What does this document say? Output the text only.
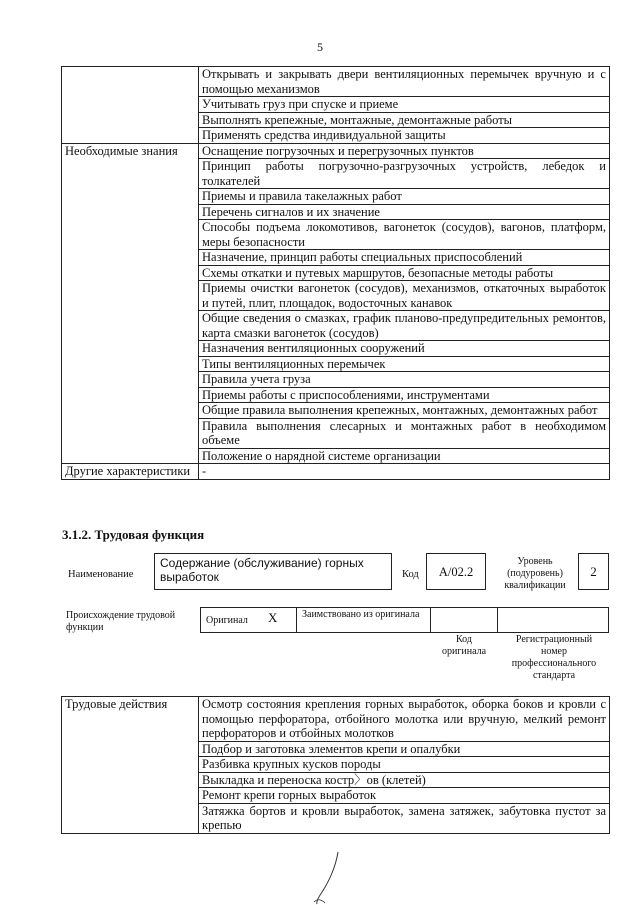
5
	Открывать и закрывать двери вентиляционных перемычек вручную и с помощью механизмов
	Учитывать груз при спуске и приеме
	Выполнять крепежные, монтажные, демонтажные работы
	Применять средства индивидуальной защиты
Необходимые знания	Оснащение погрузочных и перегрузочных пунктов
	Принцип работы погрузочно-разгрузочных устройств, лебедок и толкателей
	Приемы и правила такелажных работ
	Перечень сигналов и их значение
	Способы подъема локомотивов, вагонеток (сосудов), вагонов, платформ, меры безопасности
	Назначение, принцип работы специальных приспособлений
	Схемы откатки и путевых маршрутов, безопасные методы работы
	Приемы очистки вагонеток (сосудов), механизмов, откаточных выработок и путей, плит, площадок, водосточных канавок
	Общие сведения о смазках, график планово-предупредительных ремонтов, карта смазки вагонеток (сосудов)
	Назначения вентиляционных сооружений
	Типы вентиляционных перемычек
	Правила учета груза
	Приемы работы с приспособлениями, инструментами
	Общие правила выполнения крепежных, монтажных, демонтажных работ
	Правила выполнения слесарных и монтажных работ в необходимом объеме
	Положение о нарядной системе организации
Другие характеристики	-
3.1.2. Трудовая функция
Наименование
Содержание (обслуживание) горных выработок	Код	А/02.2
Уровень (подуровень) квалификации
2
Происхождение трудовой функции
Оригинал X Заимствовано из оригинала
Код оригинала
Регистрационный номер профессионального стандарта
Трудовые действия	Осмотр состояния крепления горных выработок, оборка боков и кровли с помощью перфоратора, отбойного молотка или вручную, мелкий ремонт перфораторов и отбойных молотков
Подбор и заготовка элементов крепи и опалубки
Разбивка крупных кусков породы
Выкладка и переноска костр〉ов (клетей)
Ремонт крепи горных выработок
Затяжка бортов и кровли выработок, замена затяжек, забутовка пустот за крепью
